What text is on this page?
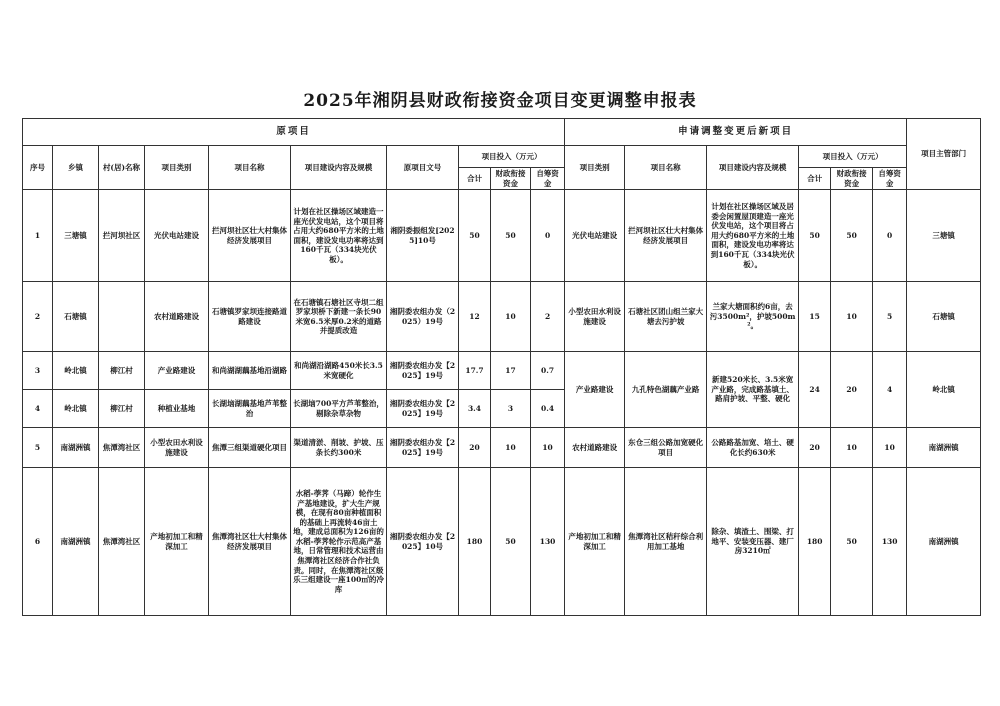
2025年湘阴县财政衔接资金项目变更调整申报表
原项目										申请调整变更后新项目						项目主管部门
序号	乡镇	村(居)名称	项目类别	项目名称	项目建设内容及规模	原项目文号	项目投入（万元）			项目类别	项目名称	项目建设内容及规模	项目投入（万元）			
							合计	财政衔接资金	自筹资金				合计	财政衔接资金	自筹资金	
1	三塘镇	拦河坝社区	光伏电站建设	拦河坝社区壮大村集体经济发展项目	计划在社区操场区域建造一座光伏发电站，这个项目将占用大约680平方米的土地面积，建设发电功率将达到160千瓦（334块光伏板）。	湘阴委振组发[2025]10号	50	50	0	光伏电站建设	拦河坝社区壮大村集体经济发展项目	计划在社区操场区域及居委会闲置屋顶建造一座光伏发电站，这个项目将占用大约680平方米的土地面积，建设发电功率将达到160千瓦（334块光伏板）。	50	50	0	三塘镇
2	石塘镇		农村道路建设	石塘镇罗家坝连接路道路建设	在石塘镇石塘社区寺坝二组罗家坝桥下新建一条长90米宽6.5米厚0.2米的道路并提质改造	湘阴委农组办发（2025）19号	12	10	2	小型农田水利设施建设	石塘社区团山组兰家大塘去污护坡	兰家大塘面积约6亩，去污3500m²，护坡500m²。	15	10	5	石塘镇
3	岭北镇	柳江村	产业路建设	和尚湖湖藕基地沿湖路	和尚湖沿湖路450米长3.5米宽硬化	湘阴委农组办发【2025】19号	17.7	17	0.7	产业路建设	九孔特色湖藕产业路	新建520米长、3.5米宽产业路，完成路基填土、路肩护坡、平整、硬化	24	20	4	岭北镇
4	岭北镇	柳江村	种植业基地	长湖垴湖藕基地芦苇整治	长湖垴700平方芦苇整治，剔除杂草杂物	湘阴委农组办发【2025】19号	3.4	3	0.4							
5	南湖洲镇	焦潭湾社区	小型农田水利设施建设	焦潭三组渠道硬化项目	渠道清淤、削坡、护坡、压条长约300米	湘阴委农组办发【2025】19号	20	10	10	农村道路建设	东仓三组公路加宽硬化项目	公路路基加宽、培土、硬化长约630米	20	10	10	南湖洲镇
6	南湖洲镇	焦潭湾社区	产地初加工和精深加工	焦潭湾社区壮大村集体经济发展项目	水稻-荸荠（马蹄）轮作生产基地建设，扩大生产规模，在现有80亩种植面积的基础上再流转46亩土地，建成总面积为126亩的水稻-荸荠轮作示范高产基地，日常管理和技术运营由焦潭湾社区经济合作社负责。同时，在焦潭湾社区级乐三组建设一座100㎡的冷库	湘阴委农组办发【2025】10号	180	50	130	产地初加工和精深加工	焦潭湾社区秸秆综合利用加工基地	除杂、填渣土、围梁、打地平、安装变压器、建厂房3210㎡	180	50	130	南湖洲镇
